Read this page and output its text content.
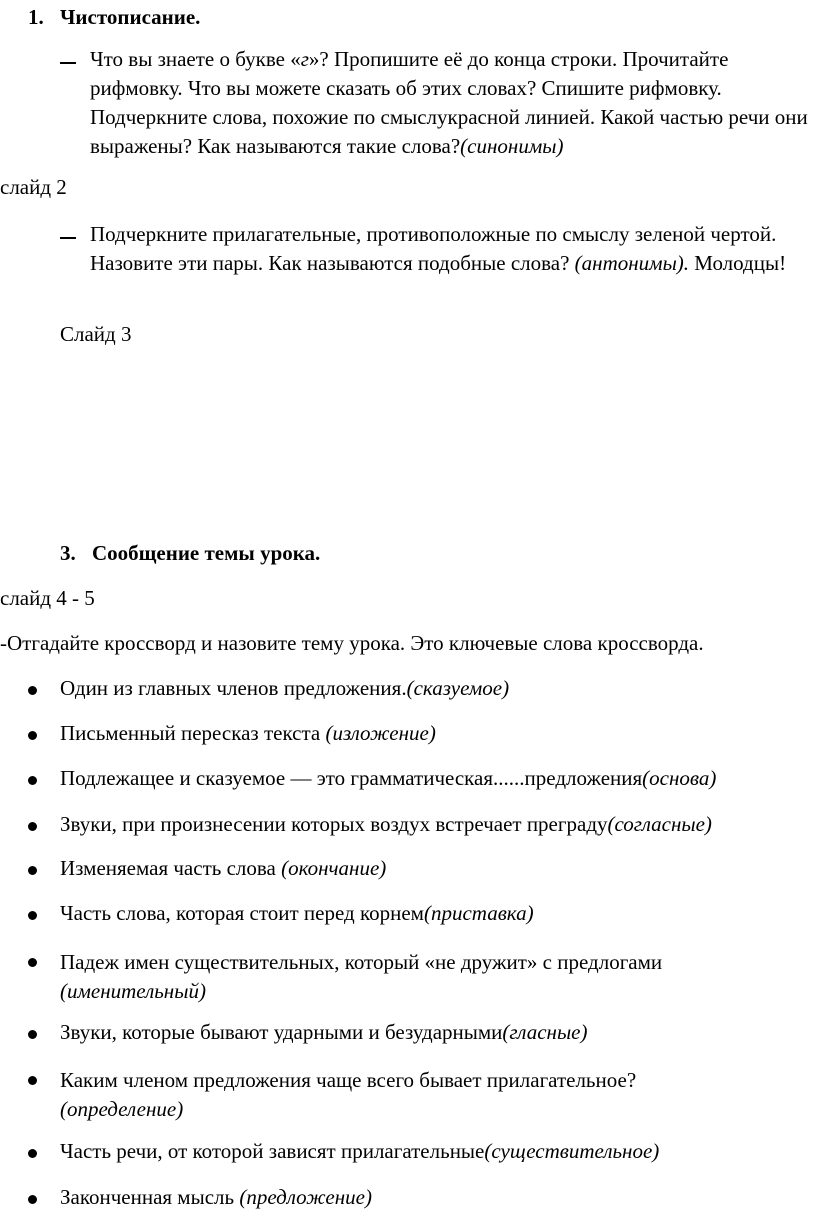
1. Чистописание.
Что вы знаете о букве «г»? Пропишите её до конца строки. Прочитайте рифмовку. Что вы можете сказать об этих словах? Спишите рифмовку. Подчеркните слова, похожие по смыслукрасной линией. Какой частью речи они выражены? Как называются такие слова?(синонимы)
слайд 2
Подчеркните прилагательные, противоположные по смыслу зеленой чертой. Назовите эти пары. Как называются подобные слова? (антонимы). Молодцы!
Слайд 3
3. Сообщение темы урока.
слайд 4 - 5
-Отгадайте кроссворд и назовите тему урока. Это ключевые слова кроссворда.
Один из главных членов предложения.(сказуемое)
Письменный пересказ текста (изложение)
Подлежащее и сказуемое — это грамматическая......предложения(основа)
Звуки, при произнесении которых воздух встречает преграду(согласные)
Изменяемая часть слова (окончание)
Часть слова, которая стоит перед корнем(приставка)
Падеж имен существительных, который «не дружит» с предлогами
(именительный)
Звуки, которые бывают ударными и безударными(гласные)
Каким членом предложения чаще всего бывает прилагательное?
(определение)
Часть речи, от которой зависят прилагательные(существительное)
Законченная мысль (предложение)
